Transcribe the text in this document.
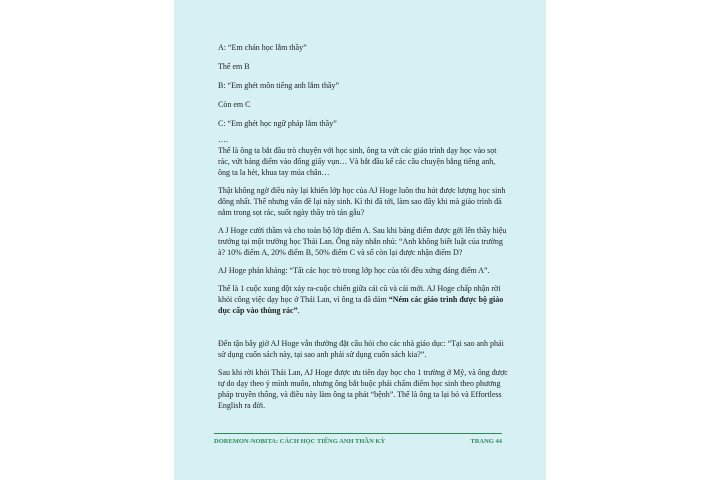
A: “Em chán học lắm thầy”

Thế em B

B: “Em ghét môn tiếng anh lắm thầy”

Còn em C

C: “Em ghét học ngữ pháp lắm thầy”

….

Thế là ông ta bắt đầu trò chuyện với học sinh, ông ta vứt các giáo trình dạy học vào sọt rác, vứt bảng điểm vào đống giấy vụn… Và bắt đầu kể các câu chuyện bằng tiếng anh, ông ta la hét, khua tay múa chân…

Thật không ngờ điều này lại khiến lớp học của AJ Hoge luôn thu hút được lượng học sinh đông nhất. Thế nhưng vấn đề lại này sinh. Kì thi đã tới, làm sao đây khi mà giáo trình đã nằm trong sọt rác, suốt ngày thầy trò tán gẫu?

A J Hoge cười thầm và cho toàn bộ lớp điểm A. Sau khi bảng điểm được gởi lên thầy hiệu trưởng tại một trường học Thái Lan. Ông này nhắn nhủ: “Anh không biết luật của trường à? 10% điểm A, 20% điểm B, 50% điểm C và số còn lại được nhận điểm D?

AJ Hoge phản kháng: “Tất các học trò trong lớp học của tôi đều xứng đáng điểm A”.

Thế là 1 cuộc xung đột xảy ra-cuộc chiến giữa cái cũ và cái mới. AJ Hoge chấp nhận rời khỏi công việc dạy học ở Thái Lan, vì ông ta đã dám “Ném các giáo trình được bộ giáo dục cấp vào thùng rác”.

Đến tận bây giờ AJ Hoge vẫn thường đặt câu hỏi cho các nhà giáo dục: “Tại sao anh phải sử dụng cuốn sách này, tại sao anh phải sử dụng cuốn sách kia?”.

Sau khi rời khỏi Thái Lan, AJ Hoge được ưu tiên dạy học cho 1 trường ở Mỹ, và ông được tự do dạy theo ý mình muốn, nhưng ông bắt buộc phải chấm điểm học sinh theo phương pháp truyền thống, và điều này làm ông ta phát “bệnh”. Thế là ông ta lại bỏ và Effortless English ra đời.

DOREMON-NOBITA: CÁCH HỌC TIẾNG ANH THẦN KỲ	TRANG 44
